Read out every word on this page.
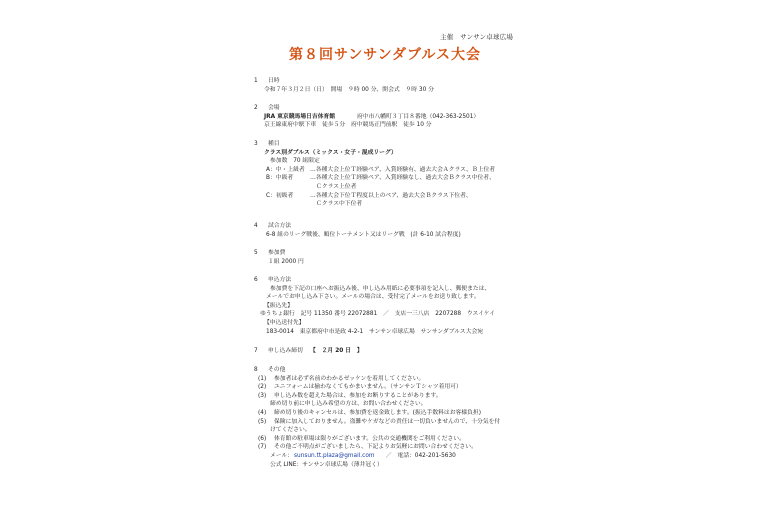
主催　サンサン卓球広場
第８回サンサンダブルス大会
1 日時
令和７年３月２日（日）　開場　９時 00 分、開会式　９時 30 分
2 会場
JRA 東京競馬場日吉体育館	府中市八幡町３丁目８番地（042-363-2501）
京王線東府中駅下車　徒歩５分　府中競馬正門前駅　徒歩 10 分
3 種目
クラス別ダブルス（ミックス・女子・混成リーグ）
参加数　70 組限定
A：中・上級者 …各種大会上位Ｔ経験ペア、入賞経験有、過去大会Ａクラス、Ｂ上位者
B：中級者	…各種大会上位Ｔ経験ペア、入賞経験なし、過去大会Ｂクラス中位者、
Ｃクラス上位者
C：初級者	…各種大会下位Ｔ程度以上のペア、過去大会Ｂクラス下位者、
Ｃクラス中下位者
4 試合方法
6-8 組のリーグ戦後、順位トーナメント又はリーグ戦　(計 6-10 試合程度)
5 参加費
１組 2000 円
6 申込方法
参加費を下記の口座へお振込み後、申し込み用紙に必要事項を記入し、郵便または、
メールでお申し込み下さい。メールの場合は、受付完了メールをお送り致します。
【振込先】
ゆうちょ銀行　記号 11350 番号 22072881　／　支店一三八店　2207288　ウスイケイ
【申込送付先】
183-0014　東京都府中市是政 4-2-1　サンサン卓球広場　サンサンダブルス大会宛
7 申し込み締切 【　２月 20 日　】
8 その他
(1) 参加者は必ず名前のわかるゼッケンを着用してください。
(2) ユニフォームは揃わなくてもかまいません。（サンサンＴシャツ着用可）
(3) 申し込み数を超えた場合は、参加をお断りすることがあります。
締め切り前に申し込み希望の方は、お問い合わせください。
(4) 締め切り後のキャンセルは、参加費を返金致します。(振込手数料はお客様負担)
(5) 保険に加入しておりません。盗難やケガなどの責任は一切負いませんので、十分気を付
けてください。
(6) 体育館の駐車場は限りがございます。公共の交通機関をご利用ください。
(7) その他ご不明点がございましたら、下記よりお気軽にお問い合わせください。
メール： sunsun.tt.plaza@gmail.com 　／　電話：042-201-5630
公式 LINE：サンサン卓球広場（薄井冠く）
